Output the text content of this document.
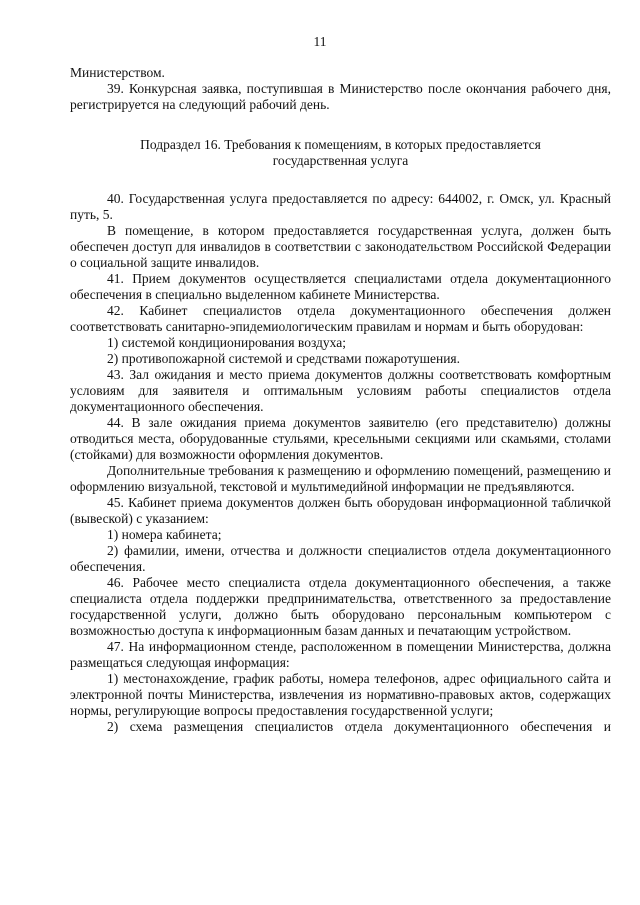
11

Министерством.

39. Конкурсная заявка, поступившая в Министерство после окончания рабочего дня, регистрируется на следующий рабочий день.

Подраздел 16. Требования к помещениям, в которых предоставляется
государственная услуга

40. Государственная услуга предоставляется по адресу: 644002, г. Омск, ул. Красный путь, 5.

В помещение, в котором предоставляется государственная услуга, должен быть обеспечен доступ для инвалидов в соответствии с законодательством Российской Федерации о социальной защите инвалидов.

41. Прием документов осуществляется специалистами отдела документационного обеспечения в специально выделенном кабинете Министерства.

42. Кабинет специалистов отдела документационного обеспечения должен соответствовать санитарно-эпидемиологическим правилам и нормам и быть оборудован:

1) системой кондиционирования воздуха;

2) противопожарной системой и средствами пожаротушения.

43. Зал ожидания и место приема документов должны соответствовать комфортным условиям для заявителя и оптимальным условиям работы специалистов отдела документационного обеспечения.

44. В зале ожидания приема документов заявителю (его представителю) должны отводиться места, оборудованные стульями, кресельными секциями или скамьями, столами (стойками) для возможности оформления документов.

Дополнительные требования к размещению и оформлению помещений, размещению и оформлению визуальной, текстовой и мультимедийной информации не предъявляются.

45. Кабинет приема документов должен быть оборудован информационной табличкой (вывеской) с указанием:

1) номера кабинета;

2) фамилии, имени, отчества и должности специалистов отдела документационного обеспечения.

46. Рабочее место специалиста отдела документационного обеспечения, а также специалиста отдела поддержки предпринимательства, ответственного за предоставление государственной услуги, должно быть оборудовано персональным компьютером с возможностью доступа к информационным базам данных и печатающим устройством.

47. На информационном стенде, расположенном в помещении Министерства, должна размещаться следующая информация:

1) местонахождение, график работы, номера телефонов, адрес официального сайта и электронной почты Министерства, извлечения из нормативно-правовых актов, содержащих нормы, регулирующие вопросы предоставления государственной услуги;

2) схема размещения специалистов отдела документационного обеспечения и
